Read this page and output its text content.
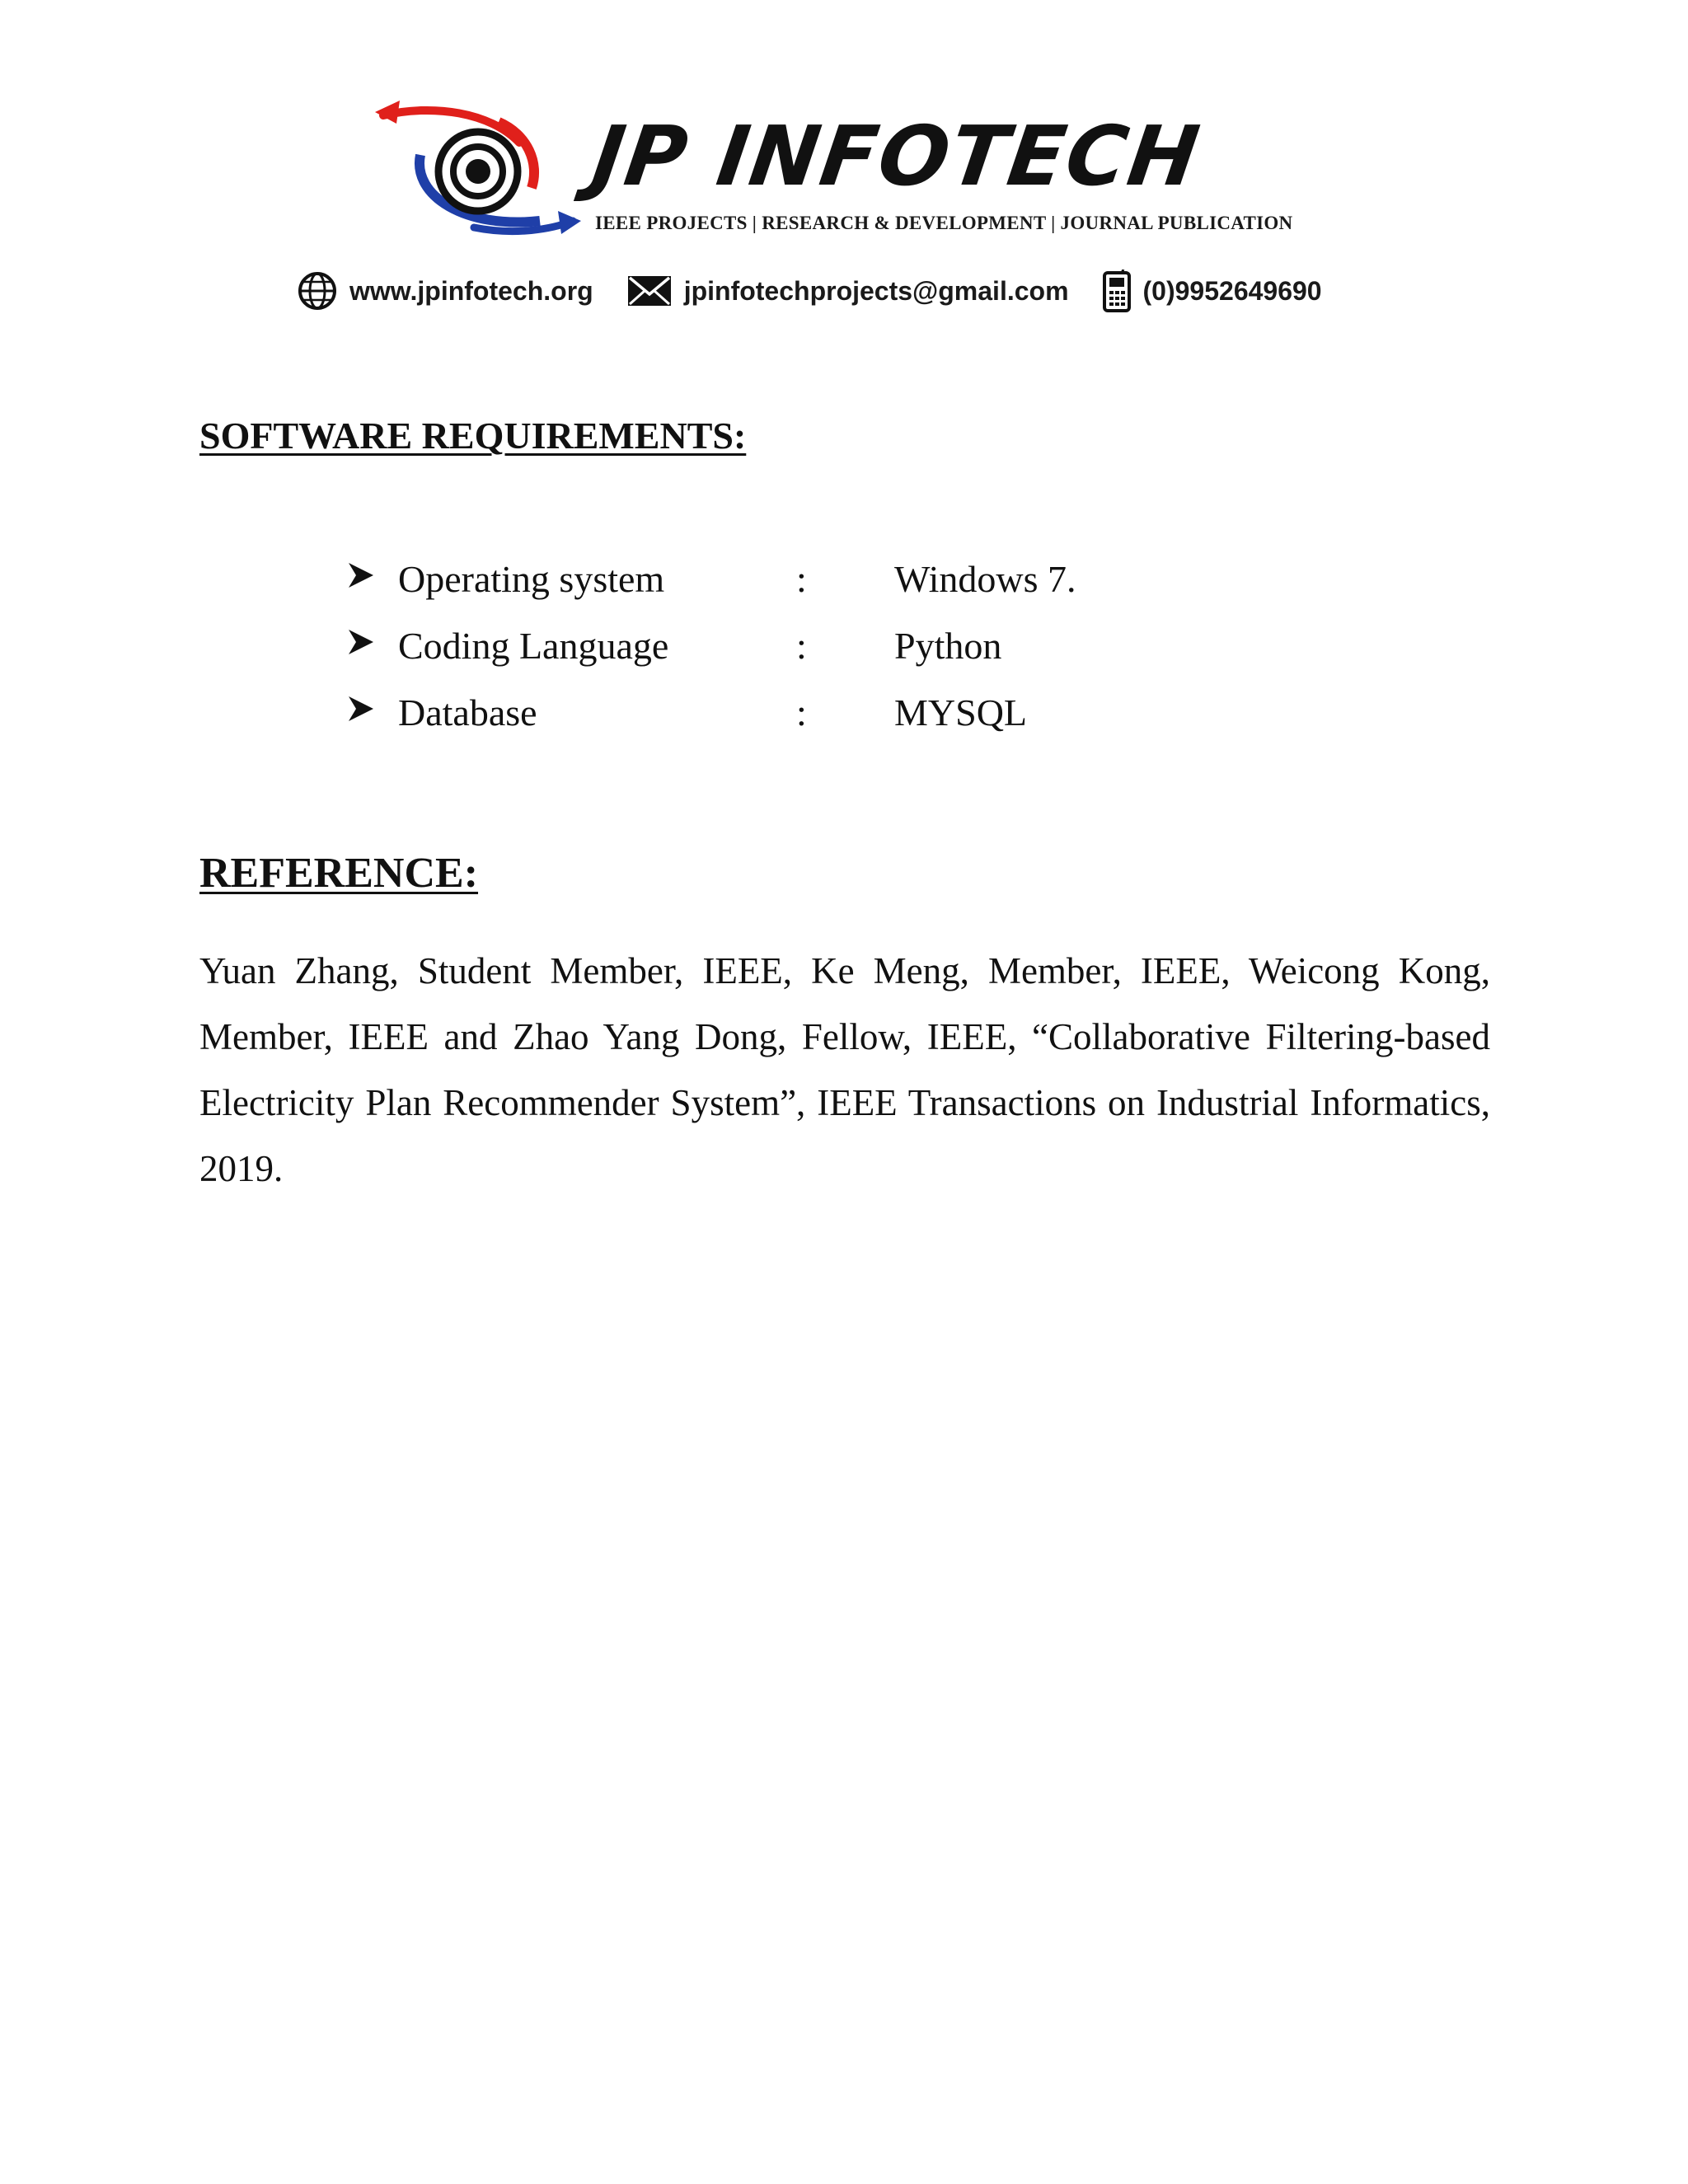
JP INFOTECH
IEEE PROJECTS | RESEARCH & DEVELOPMENT | JOURNAL PUBLICATION
www.jpinfotech.org	jpinfotechprojects@gmail.com	(0)9952649690
SOFTWARE REQUIREMENTS:
Operating system	: Windows 7.
Coding Language	: Python
Database	: MYSQL
REFERENCE:

Yuan Zhang, Student Member, IEEE, Ke Meng, Member, IEEE, Weicong Kong, Member, IEEE and Zhao Yang Dong, Fellow, IEEE, “Collaborative Filtering-based Electricity Plan Recommender System”, IEEE Transactions on Industrial Informatics, 2019.
